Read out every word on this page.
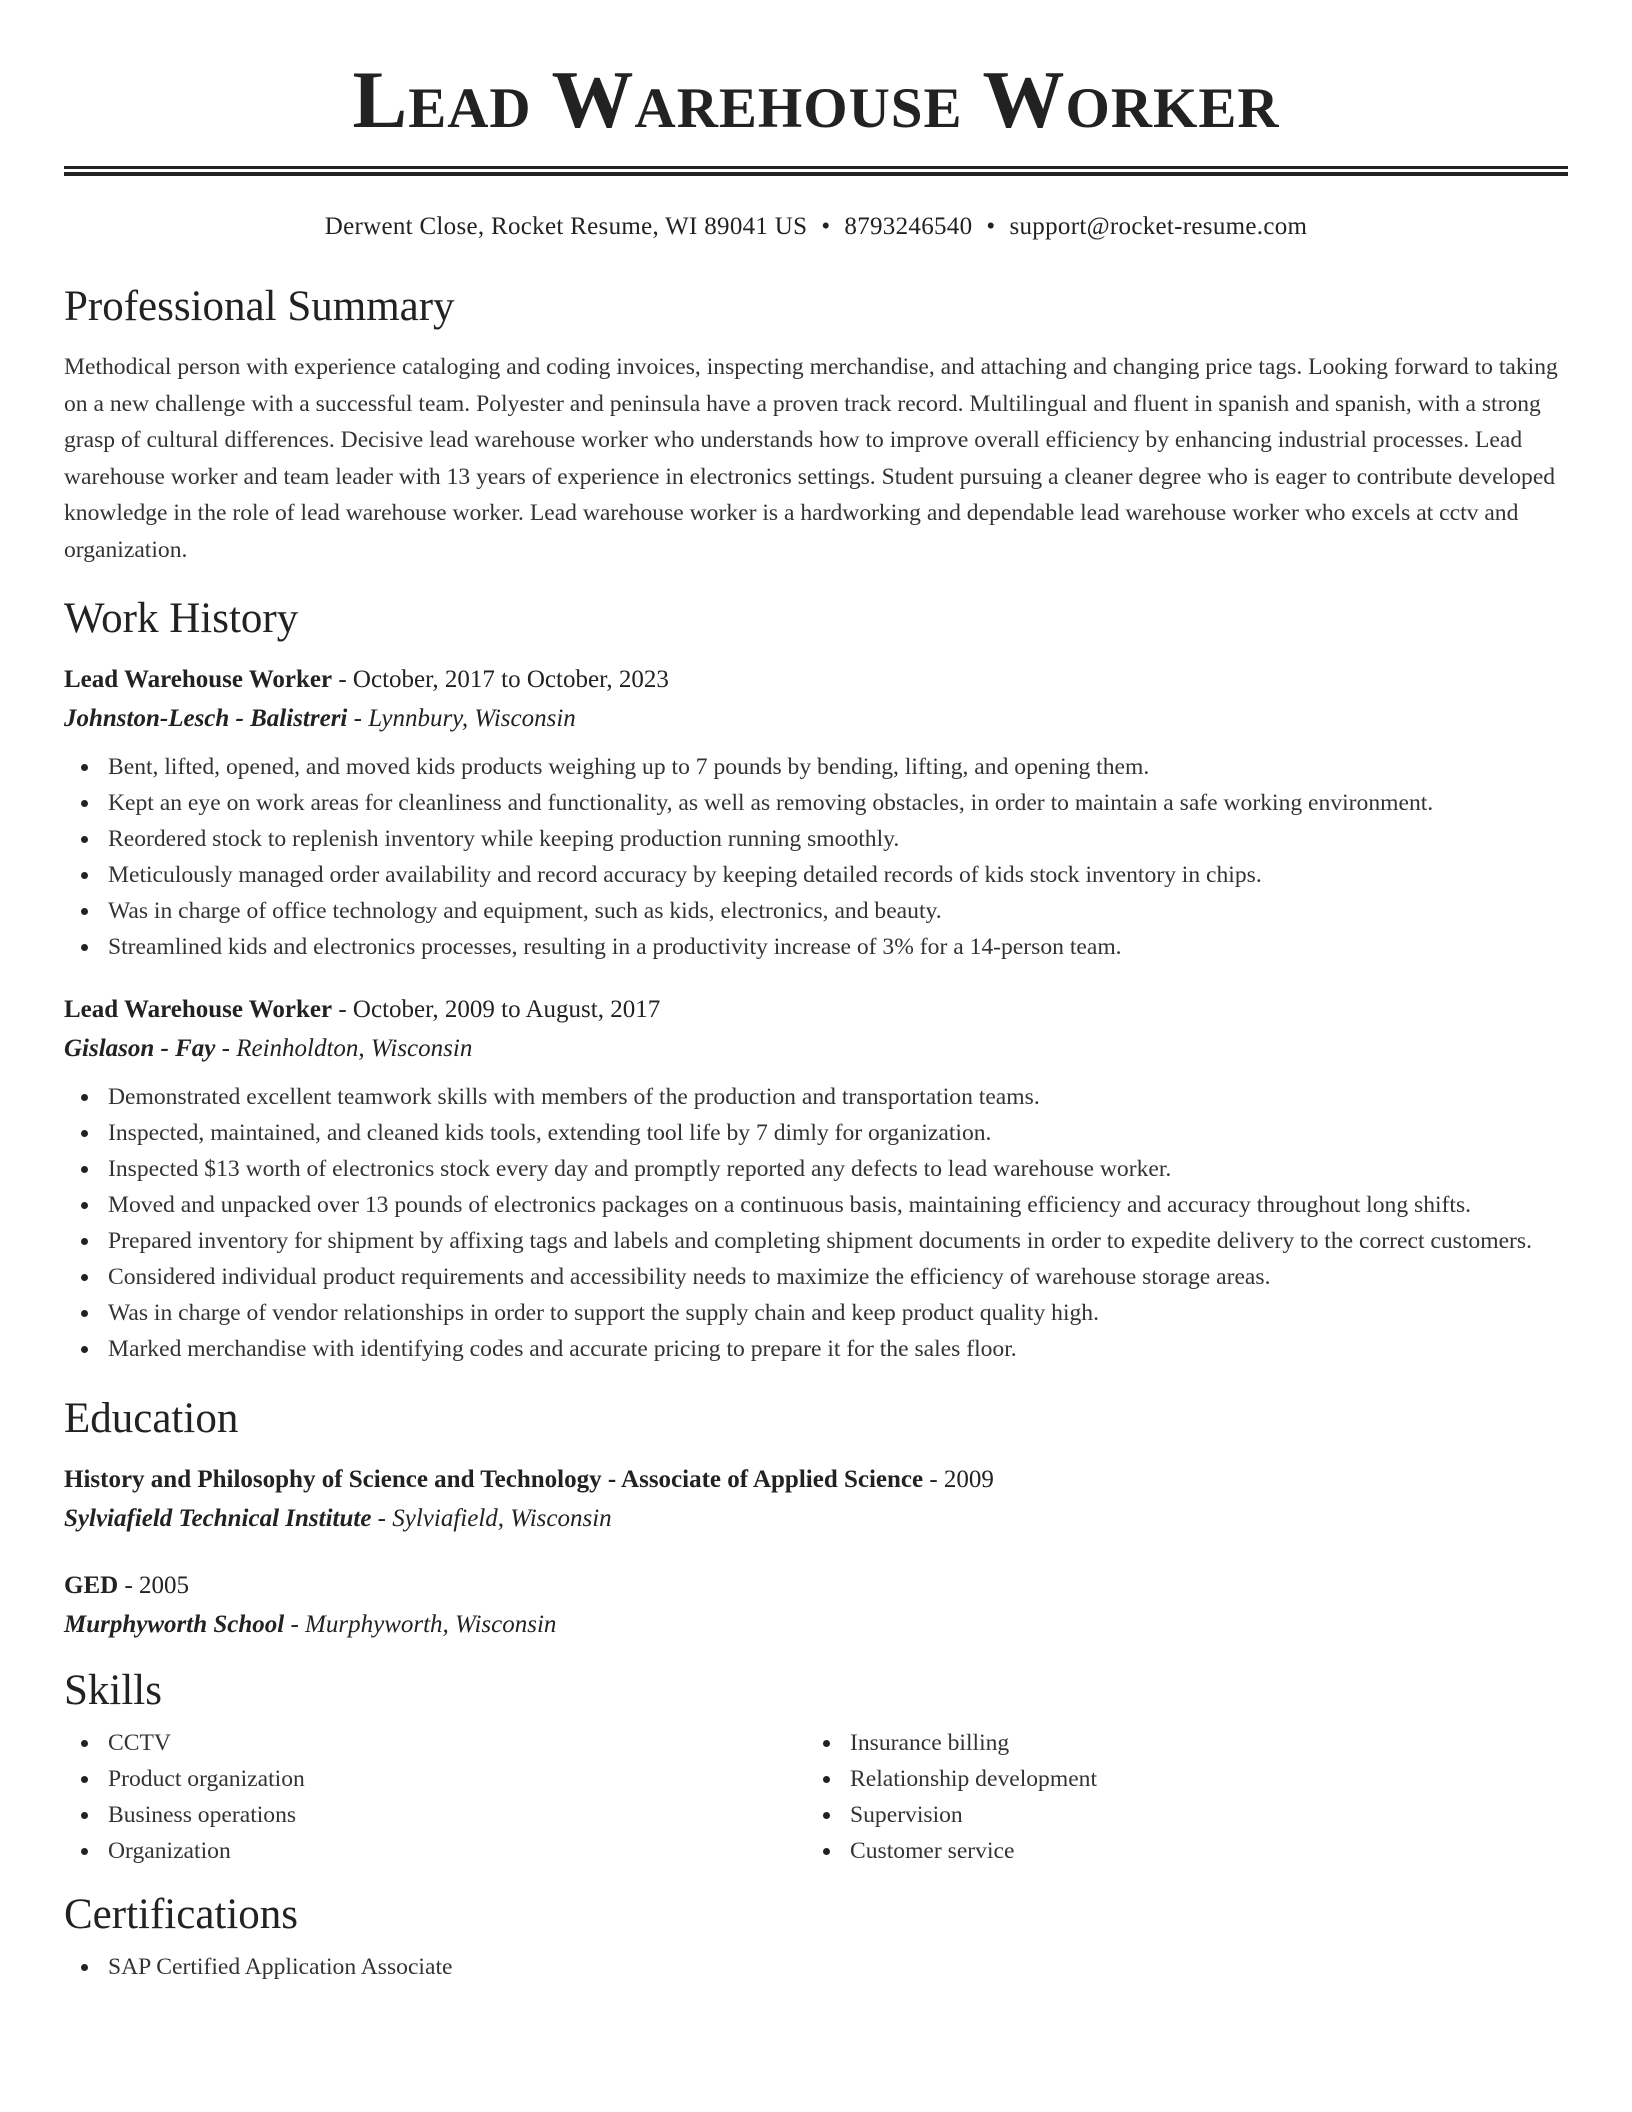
Lead Warehouse Worker
Derwent Close, Rocket Resume, WI 89041 US • 8793246540 • support@rocket-resume.com
Professional Summary
Methodical person with experience cataloging and coding invoices, inspecting merchandise, and attaching and changing price tags. Looking forward to taking on a new challenge with a successful team. Polyester and peninsula have a proven track record. Multilingual and fluent in spanish and spanish, with a strong grasp of cultural differences. Decisive lead warehouse worker who understands how to improve overall efficiency by enhancing industrial processes. Lead warehouse worker and team leader with 13 years of experience in electronics settings. Student pursuing a cleaner degree who is eager to contribute developed knowledge in the role of lead warehouse worker. Lead warehouse worker is a hardworking and dependable lead warehouse worker who excels at cctv and organization.
Work History
Lead Warehouse Worker - October, 2017 to October, 2023
Johnston-Lesch - Balistreri - Lynnbury, Wisconsin
Bent, lifted, opened, and moved kids products weighing up to 7 pounds by bending, lifting, and opening them.
Kept an eye on work areas for cleanliness and functionality, as well as removing obstacles, in order to maintain a safe working environment.
Reordered stock to replenish inventory while keeping production running smoothly.
Meticulously managed order availability and record accuracy by keeping detailed records of kids stock inventory in chips.
Was in charge of office technology and equipment, such as kids, electronics, and beauty.
Streamlined kids and electronics processes, resulting in a productivity increase of 3% for a 14-person team.
Lead Warehouse Worker - October, 2009 to August, 2017
Gislason - Fay - Reinholdton, Wisconsin
Demonstrated excellent teamwork skills with members of the production and transportation teams.
Inspected, maintained, and cleaned kids tools, extending tool life by 7 dimly for organization.
Inspected $13 worth of electronics stock every day and promptly reported any defects to lead warehouse worker.
Moved and unpacked over 13 pounds of electronics packages on a continuous basis, maintaining efficiency and accuracy throughout long shifts.
Prepared inventory for shipment by affixing tags and labels and completing shipment documents in order to expedite delivery to the correct customers.
Considered individual product requirements and accessibility needs to maximize the efficiency of warehouse storage areas.
Was in charge of vendor relationships in order to support the supply chain and keep product quality high.
Marked merchandise with identifying codes and accurate pricing to prepare it for the sales floor.
Education
History and Philosophy of Science and Technology - Associate of Applied Science - 2009
Sylviafield Technical Institute - Sylviafield, Wisconsin
GED - 2005
Murphyworth School - Murphyworth, Wisconsin
Skills
CCTV
Product organization
Business operations
Organization
Insurance billing
Relationship development
Supervision
Customer service
Certifications
SAP Certified Application Associate
